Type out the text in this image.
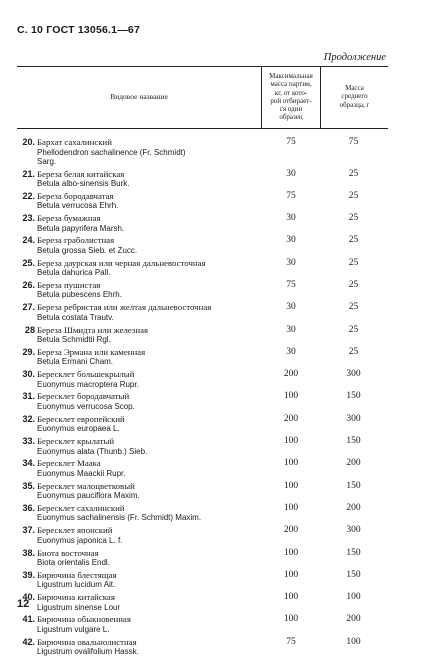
С. 10 ГОСТ 13056.1—67
Продолжение
Видовое название
Максимальная
масса партии,
кг, от кото-
рой отбирает-
ся один
образец
Масса
среднего
образца, г
20. Бархат сахалинский
Phellodendron sachalinence (Fr. Schmidt)
Sarg.
75	75
21. Береза белая китайская
Betula albo-sinensis Burk.
30	25
22. Береза бородавчатая
Betula verrucosa Ehrh.
75	25
23. Береза бумажная
Betula papyrifera Marsh.
30	25
24. Береза граболистная
Betula grossa Sieb. et Zucc.
30	25
25. Береза даурская или черная дальневосточная
Betula dahurica Pall.
30	25
26. Береза пушистая
Betula pubescens Ehrh.
75	25
27. Береза ребристая или желтая дальневосточная
Betula costata Trautv.
30	25
28 Береза Шмидта или железная
Betula Schmidtii Rgl.
30	25
29. Береза Эрмана или каменная
Betula Ermani Cham.
30	25
30. Бересклет большекрылый
Euonymus macroptera Rupr.
200	300
31. Бересклет бородавчатый
Euonymus verrucosa Scop.
100	150
32. Бересклет европейский
Euonymus europaea L.
200	300
33. Бересклет крылатый
Euonymus alata (Thunb.) Sieb.
100	150
34. Бересклет Маака
Euonymus Maackii Rupr.
100	200
35. Бересклет малоцветковый
Euonymus pauciflora Maxim.
100	150
36. Бересклет сахалинский
Euonymus sachalinensis (Fr. Schmidt) Maxim.
100	200
37. Бересклет японский
Euonymus japonica L. f.
200	300
38. Биота восточная
Biota orientalis Endl.
100	150
39. Бирючина блестящая
Ligustrum lucidum Ait.
100	150
40. Бирючина китайская
Ligustrum sinense Lour
100	100
41. Бирючина обыкновенная
Ligustrum vulgare L.
100	200
42. Бирючина овальнолистная
Ligustrum ovalifolium Hassk.
75	100
12
